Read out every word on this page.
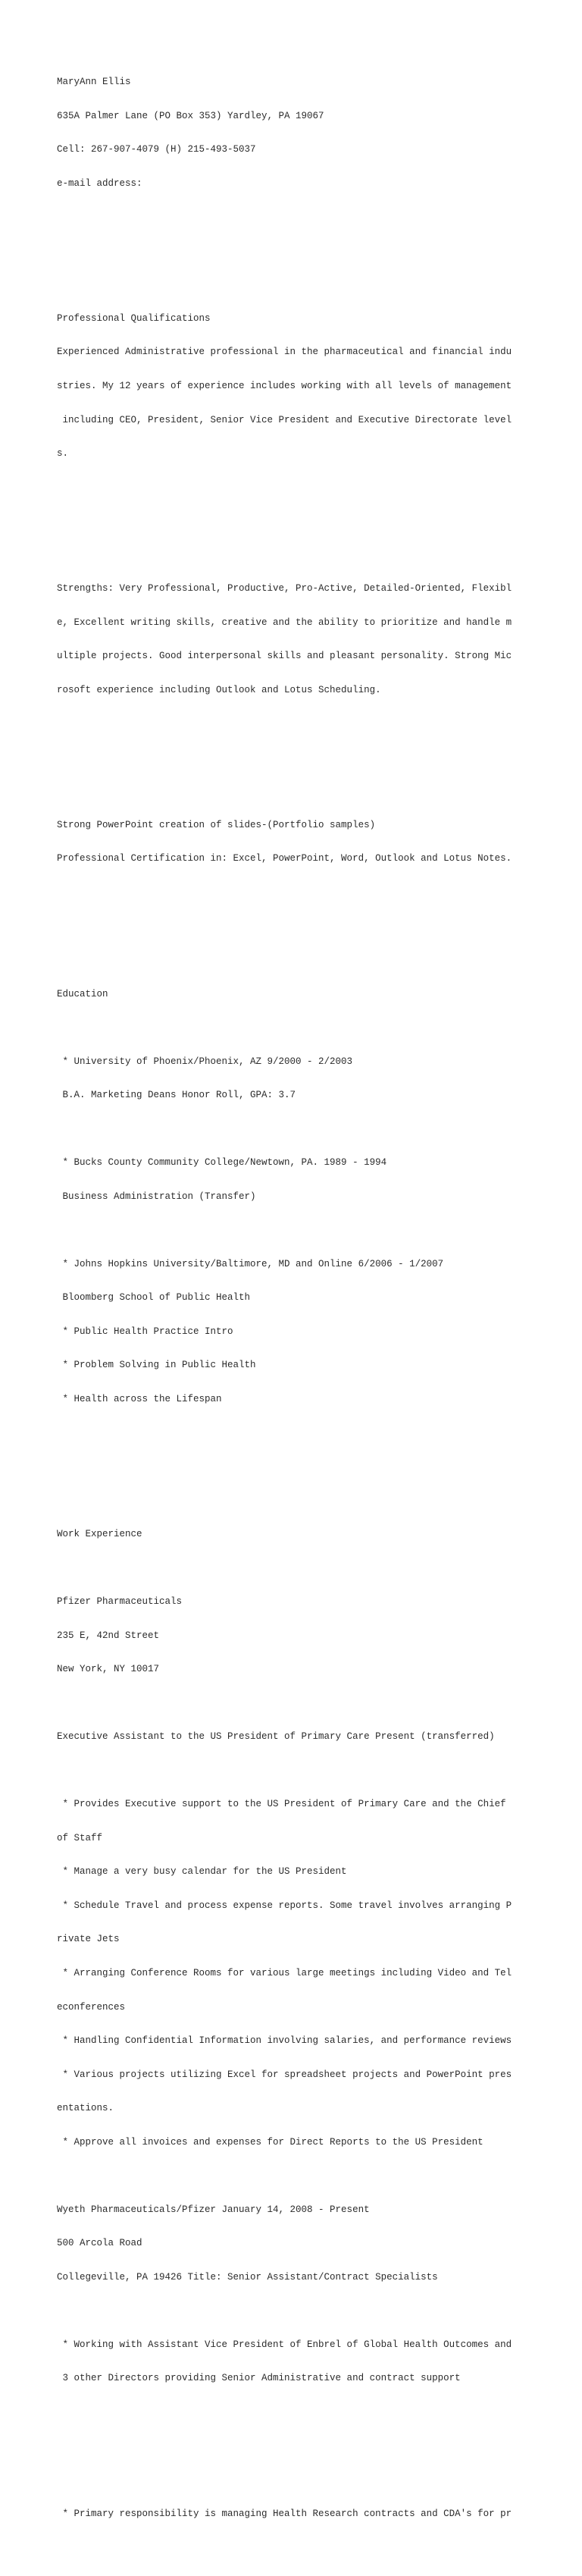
MaryAnn Ellis

635A Palmer Lane (PO Box 353) Yardley, PA 19067

Cell: 267-907-4079 (H) 215-493-5037

e-mail address:

Professional Qualifications

Experienced Administrative professional in the pharmaceutical and financial indu

stries. My 12 years of experience includes working with all levels of management

including CEO, President, Senior Vice President and Executive Directorate level

s.

Strengths: Very Professional, Productive, Pro-Active, Detailed-Oriented, Flexibl

e, Excellent writing skills, creative and the ability to prioritize and handle m

ultiple projects. Good interpersonal skills and pleasant personality. Strong Mic

rosoft experience including Outlook and Lotus Scheduling.

Strong PowerPoint creation of slides-(Portfolio samples)

Professional Certification in: Excel, PowerPoint, Word, Outlook and Lotus Notes.

Education

* University of Phoenix/Phoenix, AZ 9/2000 - 2/2003

B.A. Marketing Deans Honor Roll, GPA: 3.7

* Bucks County Community College/Newtown, PA. 1989 - 1994

Business Administration (Transfer)

* Johns Hopkins University/Baltimore, MD and Online 6/2006 - 1/2007

Bloomberg School of Public Health

* Public Health Practice Intro

* Problem Solving in Public Health

* Health across the Lifespan

Work Experience

Pfizer Pharmaceuticals

235 E, 42nd Street

New York, NY 10017

Executive Assistant to the US President of Primary Care Present (transferred)

* Provides Executive support to the US President of Primary Care and the Chief

of Staff

* Manage a very busy calendar for the US President

* Schedule Travel and process expense reports. Some travel involves arranging P

rivate Jets

* Arranging Conference Rooms for various large meetings including Video and Tel

econferences

* Handling Confidential Information involving salaries, and performance reviews

* Various projects utilizing Excel for spreadsheet projects and PowerPoint pres

entations.

* Approve all invoices and expenses for Direct Reports to the US President

Wyeth Pharmaceuticals/Pfizer January 14, 2008 - Present

500 Arcola Road

Collegeville, PA 19426 Title: Senior Assistant/Contract Specialists

* Working with Assistant Vice President of Enbrel of Global Health Outcomes and

3 other Directors providing Senior Administrative and contract support

* Primary responsibility is managing Health Research contracts and CDA's for pr
